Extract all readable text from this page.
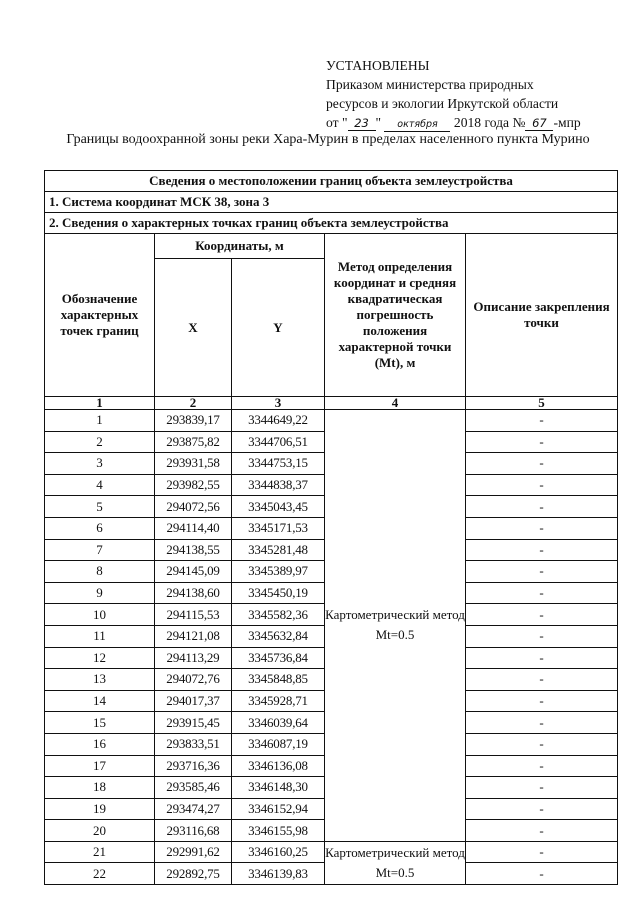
УСТАНОВЛЕНЫ
Приказом министерства природных
ресурсов и экологии Иркутской области
от " 23 " октября 2018 года № 67 -мпр
Границы водоохранной зоны реки Хара-Мурин в пределах населенного пункта Мурино
Сведения о местоположении границ объекта землеустройства				
1. Система координат МСК 38, зона 3				
2. Сведения о характерных точках границ объекта землеустройства				
Обозначение характерных точек границ	Координаты, м		Метод определения координат и средняя квадратическая погрешность положения характерной точки (Mt), м	Описание закрепления точки
	X	Y		
1	2	3	4	5
1	293839,17	3344649,22	Картометрический метод Mt=0.5	-
2	293875,82	3344706,51		-
3	293931,58	3344753,15		-
4	293982,55	3344838,37		-
5	294072,56	3345043,45		-
6	294114,40	3345171,53		-
7	294138,55	3345281,48		-
8	294145,09	3345389,97		-
9	294138,60	3345450,19		-
10	294115,53	3345582,36		-
11	294121,08	3345632,84		-
12	294113,29	3345736,84		-
13	294072,76	3345848,85		-
14	294017,37	3345928,71		-
15	293915,45	3346039,64		-
16	293833,51	3346087,19		-
17	293716,36	3346136,08		-
18	293585,46	3346148,30		-
19	293474,27	3346152,94		-
20	293116,68	3346155,98		-
21	292991,62	3346160,25	Картометрический метод Mt=0.5	-
22	292892,75	3346139,83		-
